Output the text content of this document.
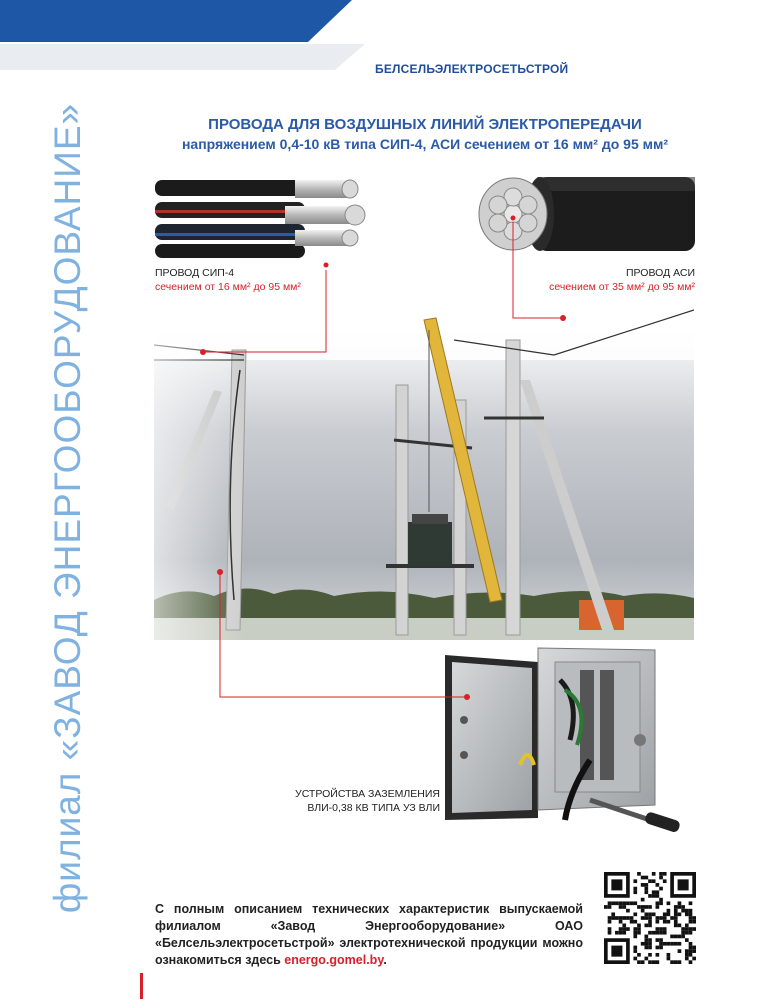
БЕЛСЕЛЬЭЛЕКТРОСЕТЬСТРОЙ
филиал «ЗАВОД ЭНЕРГООБОРУДОВАНИЕ»	ПРОВОДА ДЛЯ ВОЗДУШНЫХ ЛИНИЙ ЭЛЕКТРОПЕРЕДАЧИ
напряжением 0,4-10 кВ типа СИП-4, АСИ сечением от 16 мм² до 95 мм²
ПРОВОД СИП-4
сечением от 16 мм² до 95 мм²
ПРОВОД АСИ
сечением от 35 мм² до 95 мм²
УСТРОЙСТВА ЗАЗЕМЛЕНИЯ
ВЛИ-0,38 КВ ТИПА УЗ ВЛИ
С полным описанием технических характеристик выпускаемой филиалом «Завод Энергооборудование» ОАО «Белсельэлектросетьстрой» электротехнической продукции можно ознакомиться здесь energo.gomel.by.
